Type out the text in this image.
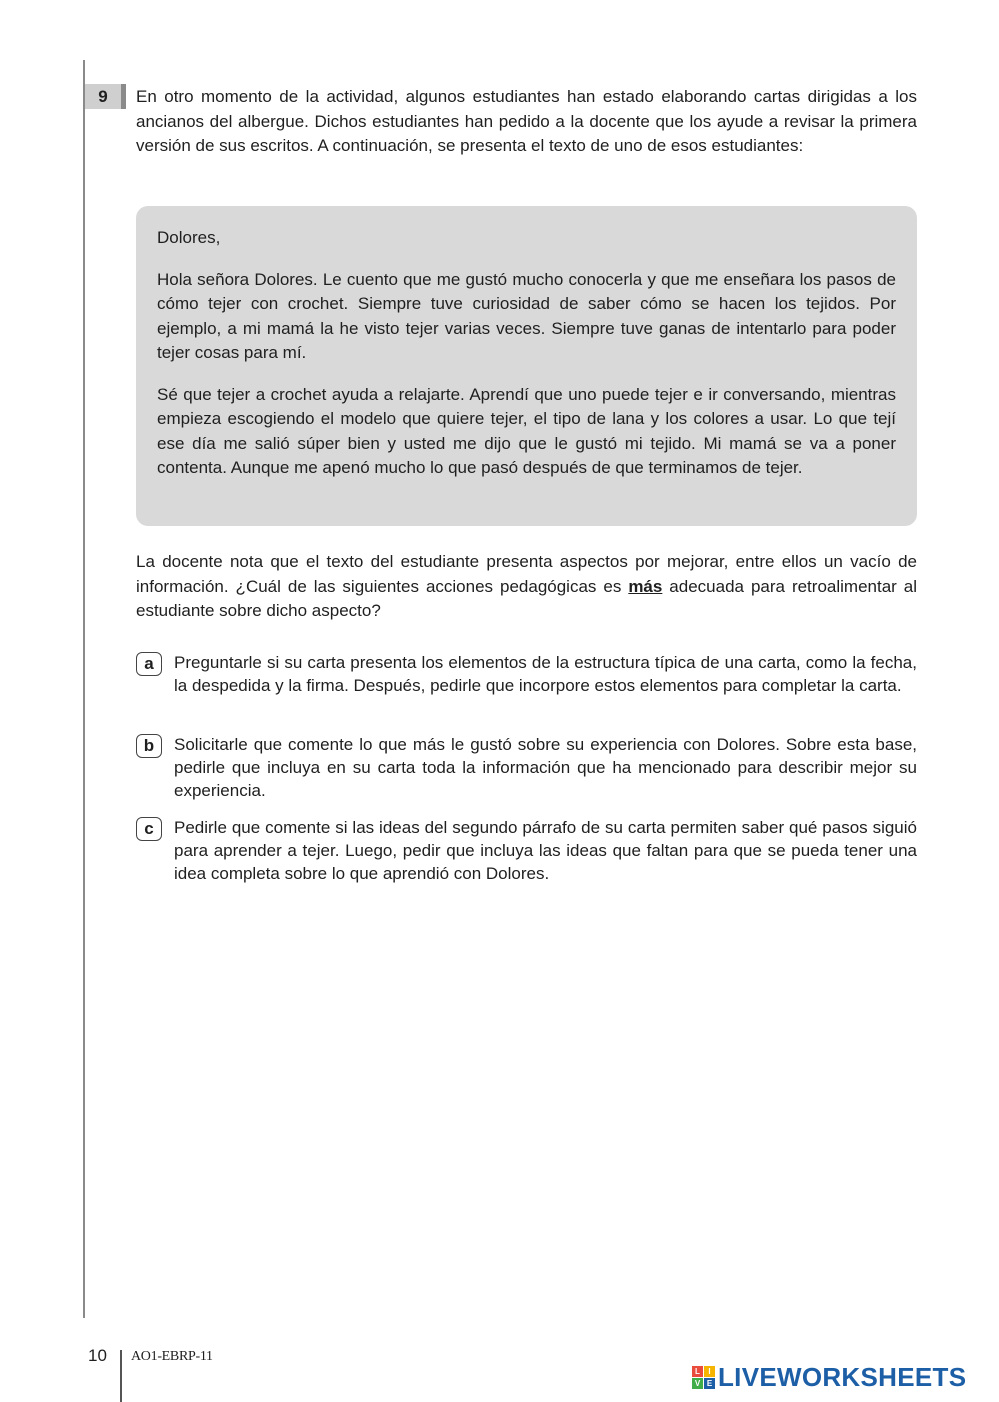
9	En otro momento de la actividad, algunos estudiantes han estado elaborando cartas dirigidas a los ancianos del albergue. Dichos estudiantes han pedido a la docente que los ayude a revisar la primera versión de sus escritos. A continuación, se presenta el texto de uno de esos estudiantes:

Dolores,

Hola señora Dolores. Le cuento que me gustó mucho conocerla y que me enseñara los pasos de cómo tejer con crochet. Siempre tuve curiosidad de saber cómo se hacen los tejidos. Por ejemplo, a mi mamá la he visto tejer varias veces. Siempre tuve ganas de intentarlo para poder tejer cosas para mí.

Sé que tejer a crochet ayuda a relajarte. Aprendí que uno puede tejer e ir conversando, mientras empieza escogiendo el modelo que quiere tejer, el tipo de lana y los colores a usar. Lo que tejí ese día me salió súper bien y usted me dijo que le gustó mi tejido. Mi mamá se va a poner contenta. Aunque me apenó mucho lo que pasó después de que terminamos de tejer.

La docente nota que el texto del estudiante presenta aspectos por mejorar, entre ellos un vacío de información. ¿Cuál de las siguientes acciones pedagógicas es más adecuada para retroalimentar al estudiante sobre dicho aspecto?

a	Preguntarle si su carta presenta los elementos de la estructura típica de una carta, como la fecha, la despedida y la firma. Después, pedirle que incorpore estos elementos para completar la carta.

b	Solicitarle que comente lo que más le gustó sobre su experiencia con Dolores. Sobre esta base, pedirle que incluya en su carta toda la información que ha mencionado para describir mejor su experiencia.

c	Pedirle que comente si las ideas del segundo párrafo de su carta permiten saber qué pasos siguió para aprender a tejer. Luego, pedir que incluya las ideas que faltan para que se pueda tener una idea completa sobre lo que aprendió con Dolores.

10 AO1-EBRP-11
L	I
V E LIVEWORKSHEETS
